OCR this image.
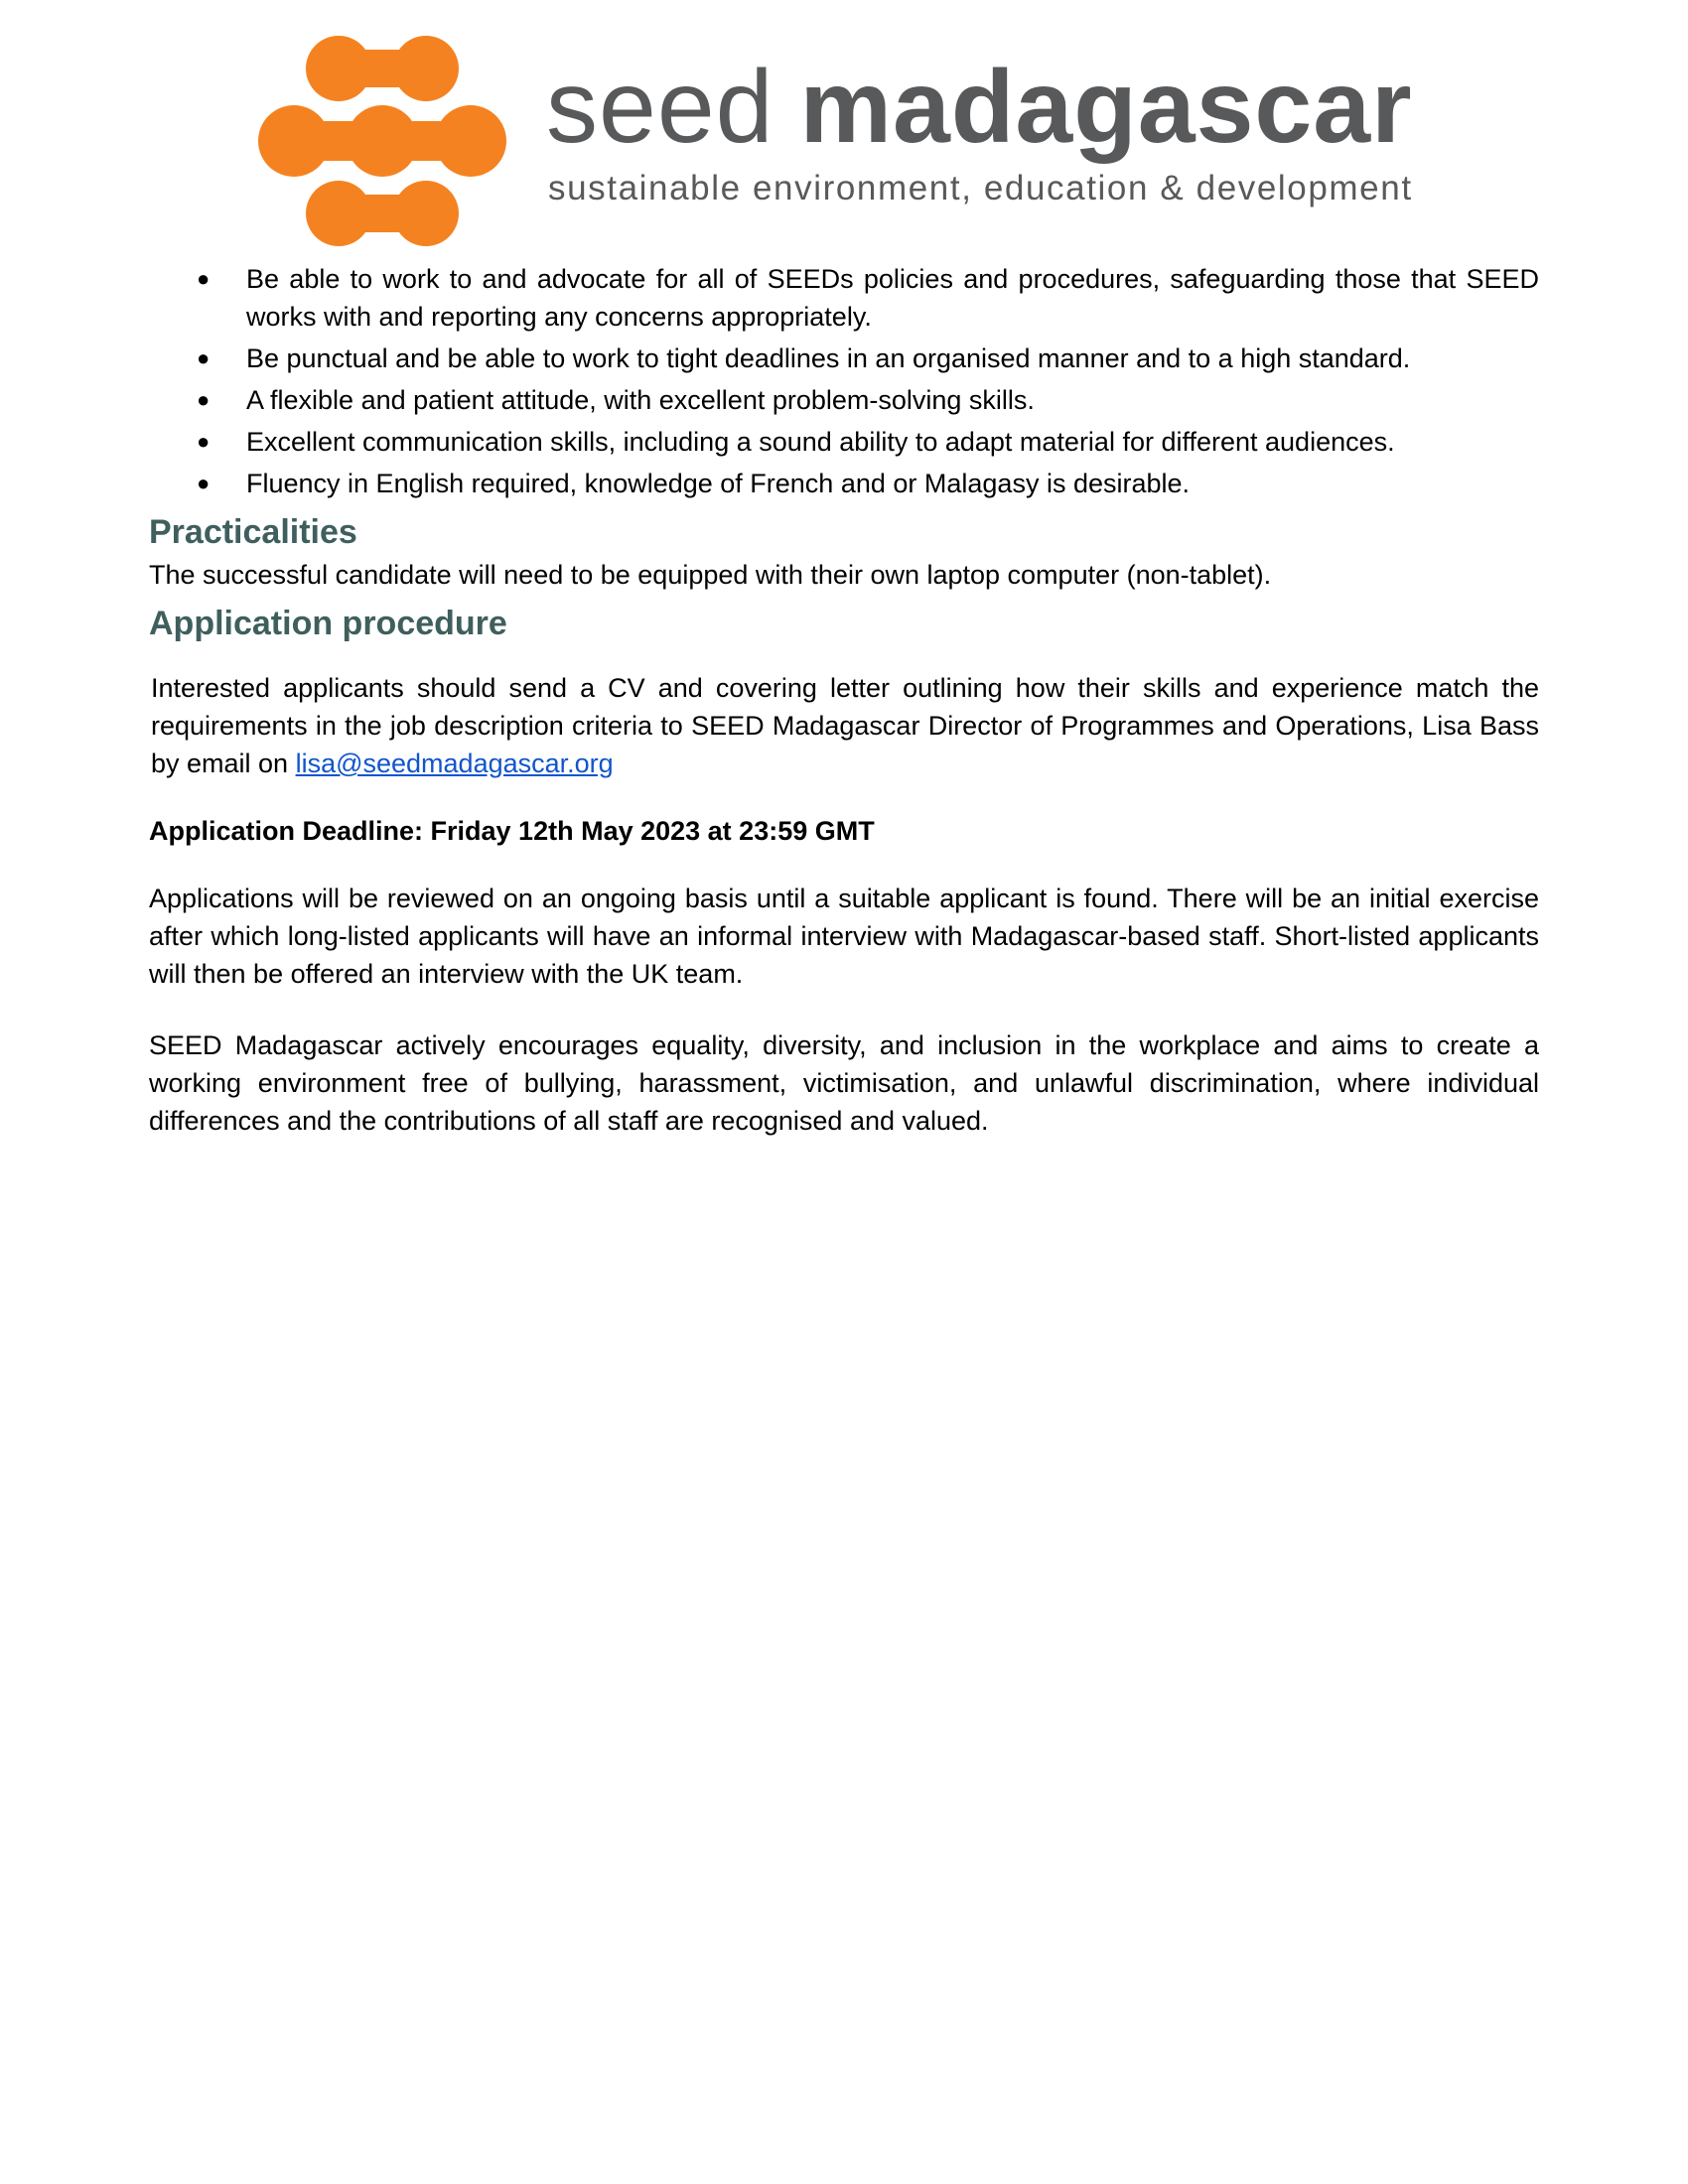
seed madagascar
sustainable environment, education & development
● Be able to work to and advocate for all of SEEDs policies and procedures, safeguarding those that SEED works with and reporting any concerns appropriately.
● Be punctual and be able to work to tight deadlines in an organised manner and to a high standard.
● A flexible and patient attitude, with excellent problem-solving skills.
● Excellent communication skills, including a sound ability to adapt material for different audiences.
● Fluency in English required, knowledge of French and or Malagasy is desirable.
Practicalities

The successful candidate will need to be equipped with their own laptop computer (non-tablet).

Application procedure

Interested applicants should send a CV and covering letter outlining how their skills and experience match the requirements in the job description criteria to SEED Madagascar Director of Programmes and Operations, Lisa Bass by email on lisa@seedmadagascar.org

Application Deadline: Friday 12th May 2023 at 23:59 GMT

Applications will be reviewed on an ongoing basis until a suitable applicant is found. There will be an initial exercise after which long-listed applicants will have an informal interview with Madagascar-based staff. Short-listed applicants will then be offered an interview with the UK team.

SEED Madagascar actively encourages equality, diversity, and inclusion in the workplace and aims to create a working environment free of bullying, harassment, victimisation, and unlawful discrimination, where individual differences and the contributions of all staff are recognised and valued.
